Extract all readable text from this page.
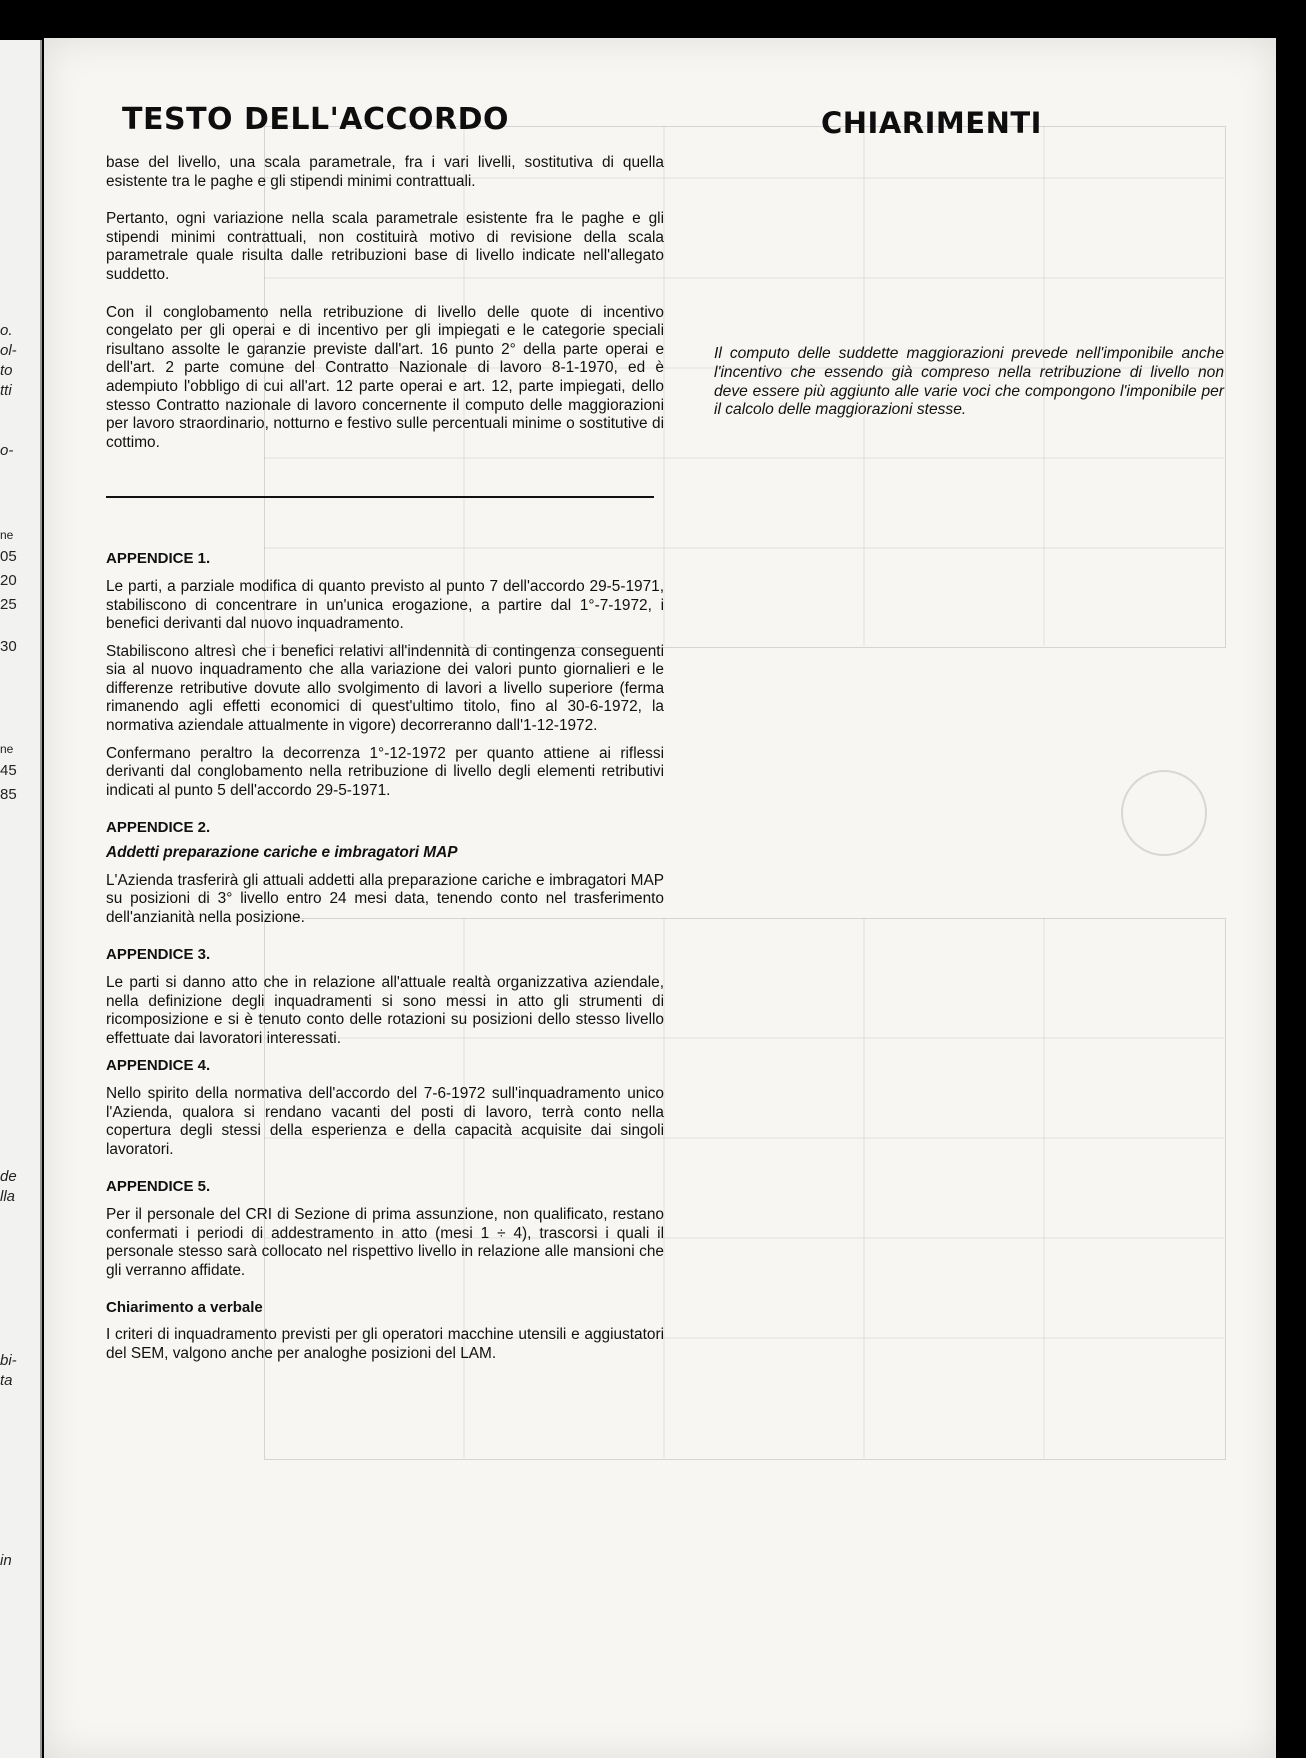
o.
ol-
to
tti
o-
ne
05
20
25
30
ne
45
85
de
lla
bi-
ta
in
TESTO DELL'ACCORDO

base del livello, una scala parametrale, fra i vari livelli, sostitutiva di quella esistente tra le paghe e gli stipendi minimi contrattuali.

Pertanto, ogni variazione nella scala parametrale esistente fra le paghe e gli stipendi minimi contrattuali, non costituirà motivo di revisione della scala parametrale quale risulta dalle retribuzioni base di livello indicate nell'allegato suddetto.

Con il conglobamento nella retribuzione di livello delle quote di incentivo congelato per gli operai e di incentivo per gli impiegati e le categorie speciali risultano assolte le garanzie previste dall'art. 16 punto 2° della parte operai e dell'art. 2 parte comune del Contratto Nazionale di lavoro 8-1-1970, ed è adempiuto l'obbligo di cui all'art. 12 parte operai e art. 12, parte impiegati, dello stesso Contratto nazionale di lavoro concernente il computo delle maggiorazioni per lavoro straordinario, notturno e festivo sulle percentuali minime o sostitutive di cottimo.

APPENDICE 1.

Le parti, a parziale modifica di quanto previsto al punto 7 dell'accordo 29-5-1971, stabiliscono di concentrare in un'unica erogazione, a partire dal 1°-7-1972, i benefici derivanti dal nuovo inquadramento.

Stabiliscono altresì che i benefici relativi all'indennità di contingenza conseguenti sia al nuovo inquadramento che alla variazione dei valori punto giornalieri e le differenze retributive dovute allo svolgimento di lavori a livello superiore (ferma rimanendo agli effetti economici di quest'ultimo titolo, fino al 30-6-1972, la normativa aziendale attualmente in vigore) decorreranno dall'1-12-1972.

Confermano peraltro la decorrenza 1°-12-1972 per quanto attiene ai riflessi derivanti dal conglobamento nella retribuzione di livello degli elementi retributivi indicati al punto 5 dell'accordo 29-5-1971.

APPENDICE 2.

Addetti preparazione cariche e imbragatori MAP

L'Azienda trasferirà gli attuali addetti alla preparazione cariche e imbragatori MAP su posizioni di 3° livello entro 24 mesi data, tenendo conto nel trasferimento dell'anzianità nella posizione.

APPENDICE 3.

Le parti si danno atto che in relazione all'attuale realtà organizzativa aziendale, nella definizione degli inquadramenti si sono messi in atto gli strumenti di ricomposizione e si è tenuto conto delle rotazioni su posizioni dello stesso livello effettuate dai lavoratori interessati.

APPENDICE 4.

Nello spirito della normativa dell'accordo del 7-6-1972 sull'inquadramento unico l'Azienda, qualora si rendano vacanti del posti di lavoro, terrà conto nella copertura degli stessi della esperienza e della capacità acquisite dai singoli lavoratori.

APPENDICE 5.

Per il personale del CRI di Sezione di prima assunzione, non qualificato, restano confermati i periodi di addestramento in atto (mesi 1 ÷ 4), trascorsi i quali il personale stesso sarà collocato nel rispettivo livello in relazione alle mansioni che gli verranno affidate.

Chiarimento a verbale

I criteri di inquadramento previsti per gli operatori macchine utensili e aggiustatori del SEM, valgono anche per analoghe posizioni del LAM.

CHIARIMENTI
Il computo delle suddette maggiorazioni prevede nell'imponibile anche l'incentivo che essendo già compreso nella retribuzione di livello non deve essere più aggiunto alle varie voci che compongono l'imponibile per il calcolo delle maggiorazioni stesse.
